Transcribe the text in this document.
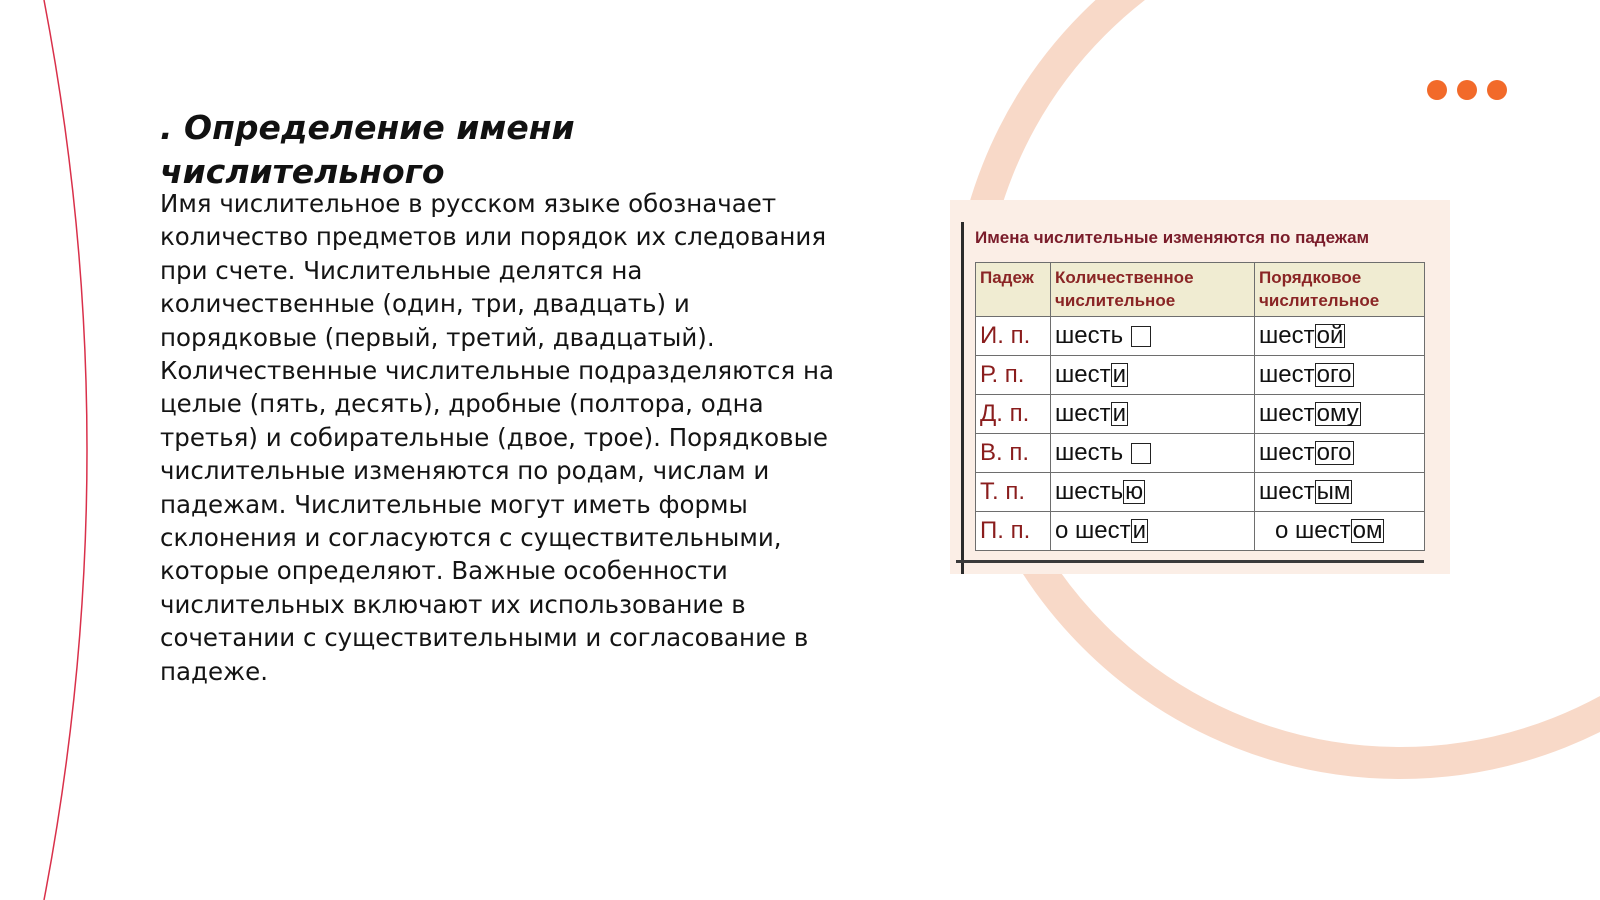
. Определение имени числительного

Имя числительное в русском языке обозначает количество предметов или порядок их следования при счете. Числительные делятся на количественные (один, три, двадцать) и порядковые (первый, третий, двадцатый). Количественные числительные подразделяются на целые (пять, десять), дробные (полтора, одна третья) и собирательные (двое, трое). Порядковые числительные изменяются по родам, числам и падежам. Числительные могут иметь формы склонения и согласуются с существительными, которые определяют. Важные особенности числительных включают их использование в сочетании с существительными и согласование в падеже.

Имена числительные изменяются по падежам
Падеж	Количественное числительное	Порядковое числительное
И. п.	шесть	шестой
Р. п.	шести	шестого
Д. п.	шести	шестому
В. п.	шесть	шестого
Т. п.	шестью	шестым
П. п.	о шести	о шестом
